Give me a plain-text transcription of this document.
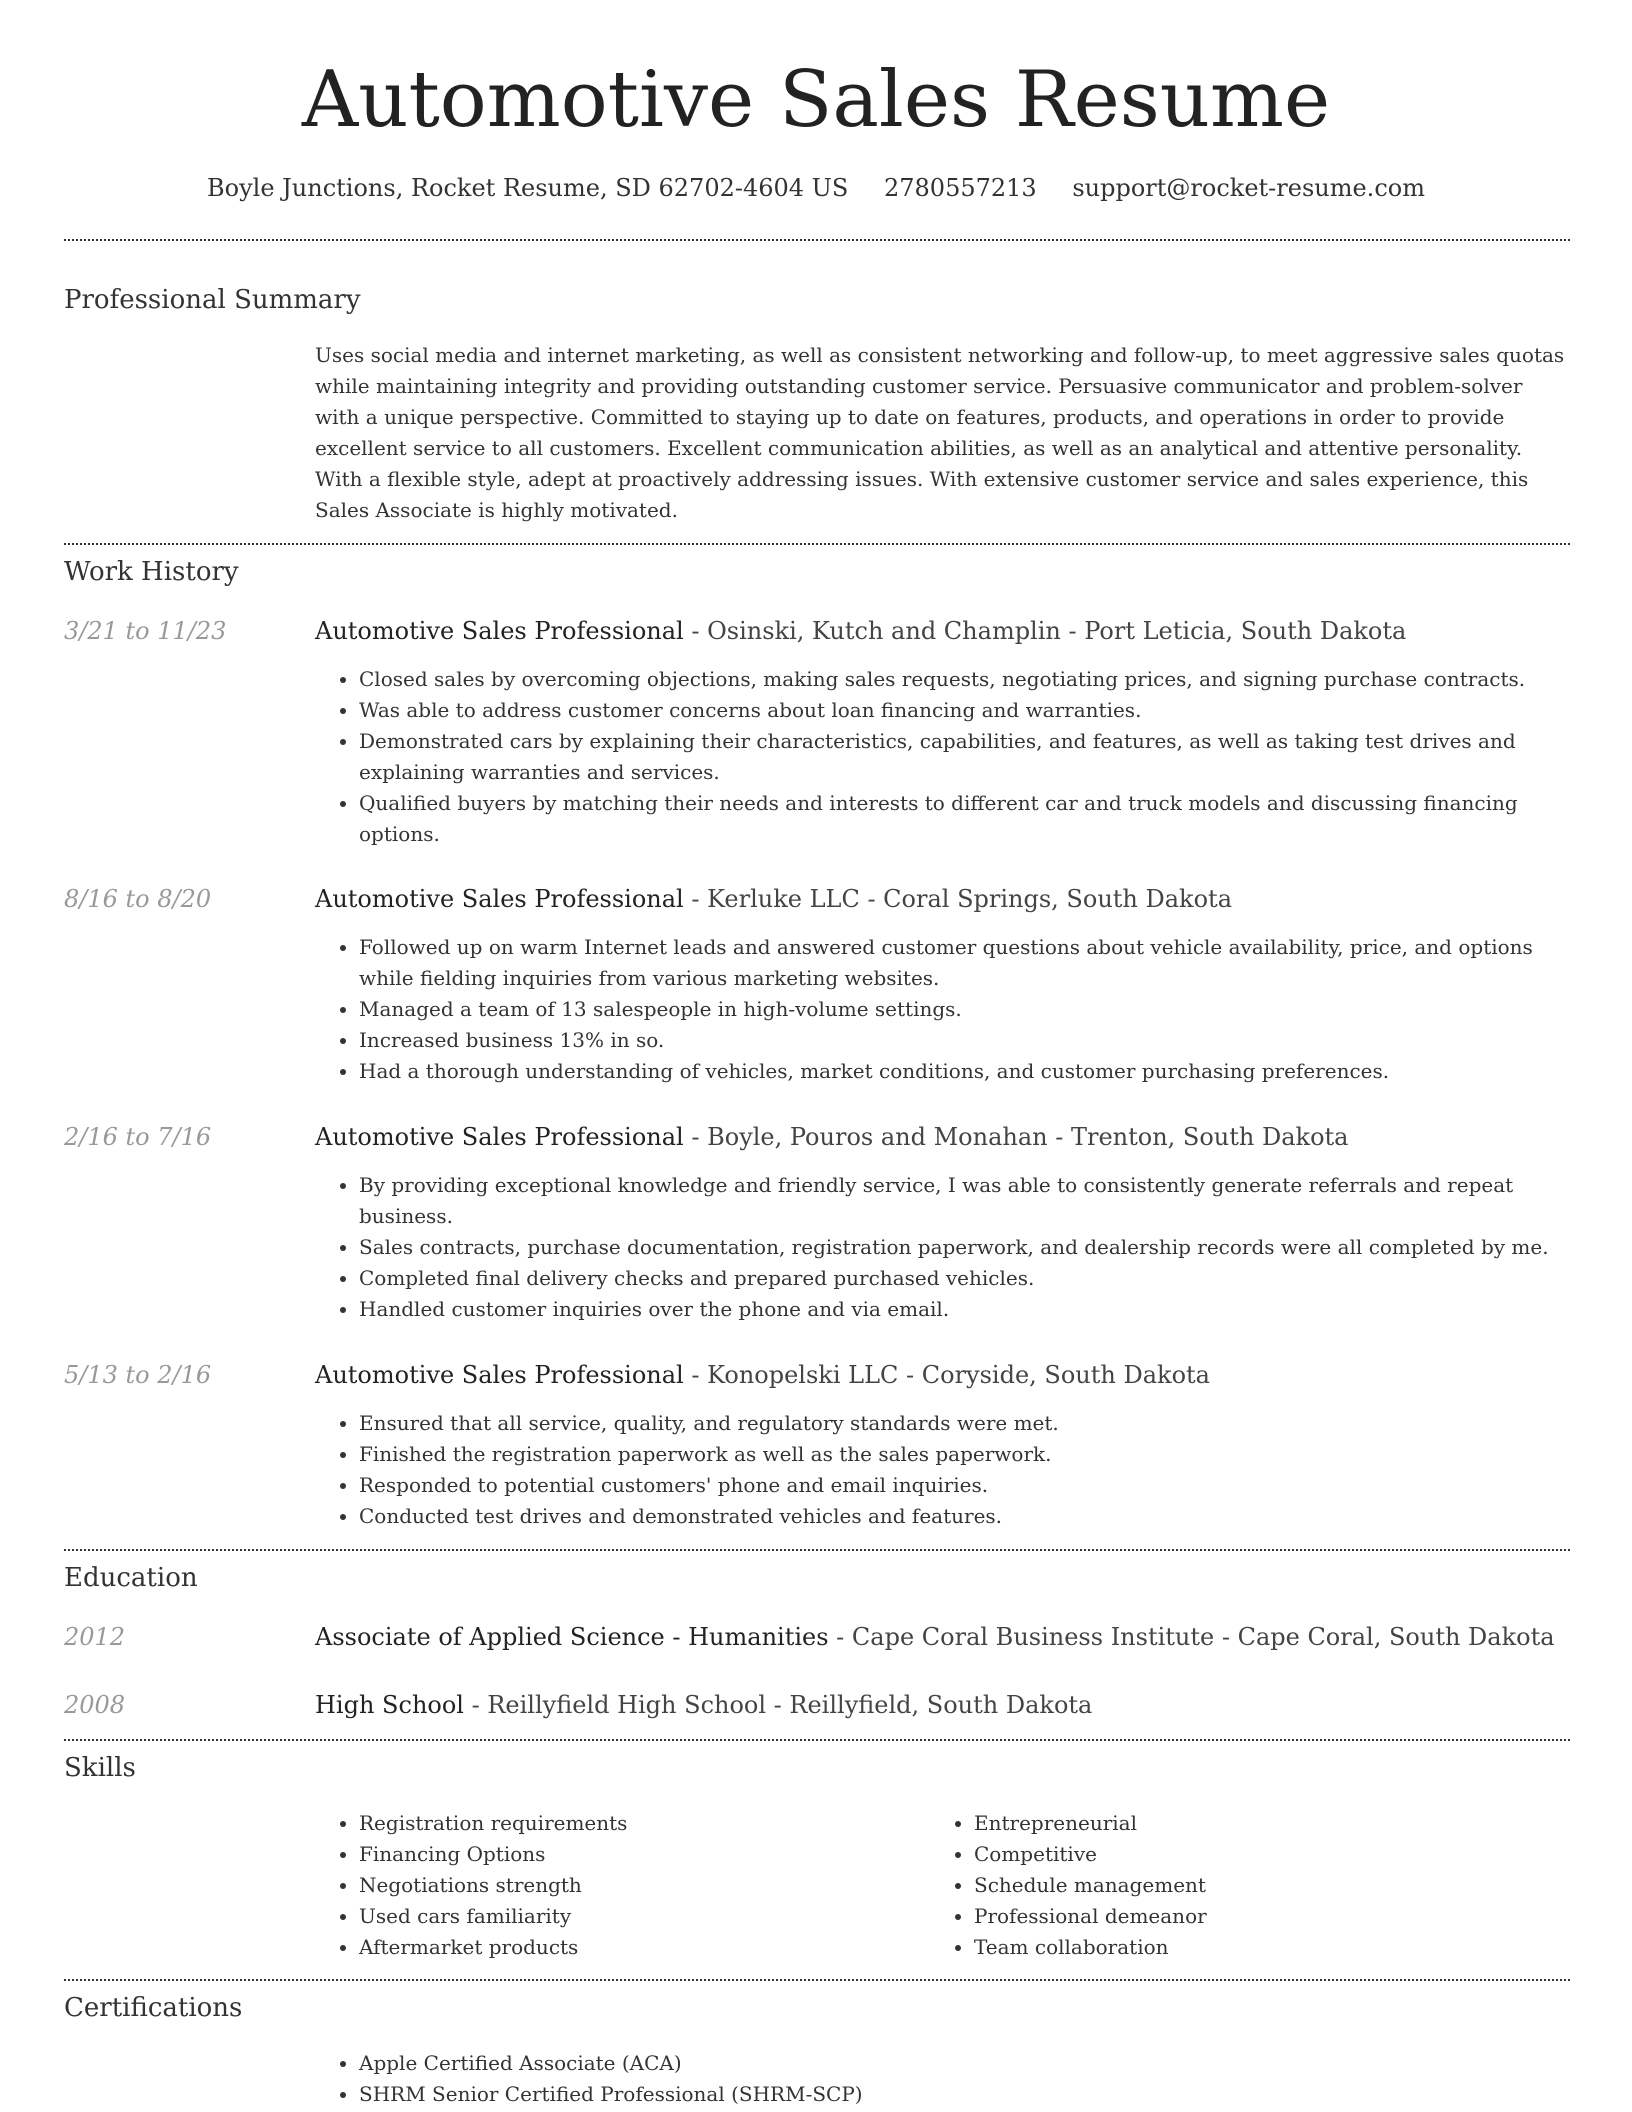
Automotive Sales Resume
Boyle Junctions, Rocket Resume, SD 62702-4604 US 2780557213 support@rocket-resume.com
Professional Summary

Uses social media and internet marketing, as well as consistent networking and follow-up, to meet aggressive sales quotas while maintaining integrity and providing outstanding customer service. Persuasive communicator and problem-solver with a unique perspective. Committed to staying up to date on features, products, and operations in order to provide excellent service to all customers. Excellent communication abilities, as well as an analytical and attentive personality. With a flexible style, adept at proactively addressing issues. With extensive customer service and sales experience, this Sales Associate is highly motivated.

Work History
3/21 to 11/23	Automotive Sales Professional - Osinski, Kutch and Champlin - Port Leticia, South Dakota
• Closed sales by overcoming objections, making sales requests, negotiating prices, and signing purchase contracts.
• Was able to address customer concerns about loan financing and warranties.
• Demonstrated cars by explaining their characteristics, capabilities, and features, as well as taking test drives and explaining warranties and services.
• Qualified buyers by matching their needs and interests to different car and truck models and discussing financing options.
8/16 to 8/20	Automotive Sales Professional - Kerluke LLC - Coral Springs, South Dakota
• Followed up on warm Internet leads and answered customer questions about vehicle availability, price, and options while fielding inquiries from various marketing websites.
• Managed a team of 13 salespeople in high-volume settings.
• Increased business 13% in so.
• Had a thorough understanding of vehicles, market conditions, and customer purchasing preferences.
2/16 to 7/16	Automotive Sales Professional - Boyle, Pouros and Monahan - Trenton, South Dakota
• By providing exceptional knowledge and friendly service, I was able to consistently generate referrals and repeat business.
• Sales contracts, purchase documentation, registration paperwork, and dealership records were all completed by me.
• Completed final delivery checks and prepared purchased vehicles.
• Handled customer inquiries over the phone and via email.
5/13 to 2/16	Automotive Sales Professional - Konopelski LLC - Coryside, South Dakota
• Ensured that all service, quality, and regulatory standards were met.
• Finished the registration paperwork as well as the sales paperwork.
• Responded to potential customers' phone and email inquiries.
• Conducted test drives and demonstrated vehicles and features.
Education
2012	Associate of Applied Science - Humanities - Cape Coral Business Institute - Cape Coral, South Dakota
2008	High School - Reillyfield High School - Reillyfield, South Dakota
Skills
• Registration requirements
• Financing Options
• Negotiations strength
• Used cars familiarity
• Aftermarket products
• Entrepreneurial
• Competitive
• Schedule management
• Professional demeanor
• Team collaboration
Certifications
• Apple Certified Associate (ACA)
• SHRM Senior Certified Professional (SHRM-SCP)
